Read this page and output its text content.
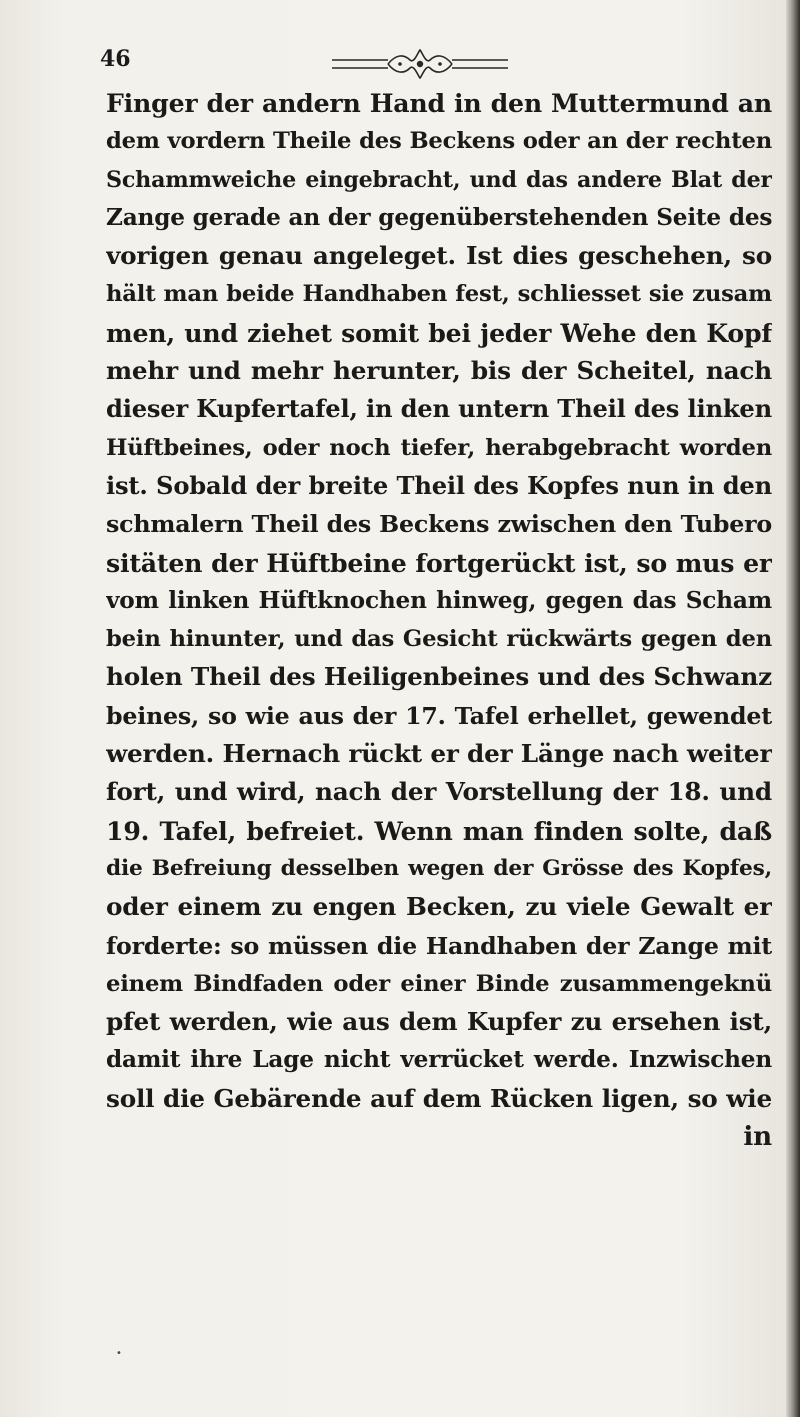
46
Finger der andern Hand in den Muttermund an
dem vordern Theile des Beckens oder an der rechten
Schammweiche eingebracht, und das andere Blat der
Zange gerade an der gegenüberstehenden Seite des
vorigen genau angeleget. Ist dies geschehen, so
hält man beide Handhaben fest, schliesset sie zusam
men, und ziehet somit bei jeder Wehe den Kopf
mehr und mehr herunter, bis der Scheitel, nach
dieser Kupfertafel, in den untern Theil des linken
Hüftbeines, oder noch tiefer, herabgebracht worden
ist. Sobald der breite Theil des Kopfes nun in den
schmalern Theil des Beckens zwischen den Tubero
sitäten der Hüftbeine fortgerückt ist, so mus er
vom linken Hüftknochen hinweg, gegen das Scham
bein hinunter, und das Gesicht rückwärts gegen den
holen Theil des Heiligenbeines und des Schwanz
beines, so wie aus der 17. Tafel erhellet, gewendet
werden. Hernach rückt er der Länge nach weiter
fort, und wird, nach der Vorstellung der 18. und
19. Tafel, befreiet. Wenn man finden solte, daß
die Befreiung desselben wegen der Grösse des Kopfes,
oder einem zu engen Becken, zu viele Gewalt er
forderte: so müssen die Handhaben der Zange mit
einem Bindfaden oder einer Binde zusammengeknü
pfet werden, wie aus dem Kupfer zu ersehen ist,
damit ihre Lage nicht verrücket werde. Inzwischen
soll die Gebärende auf dem Rücken ligen, so wie
in
•
